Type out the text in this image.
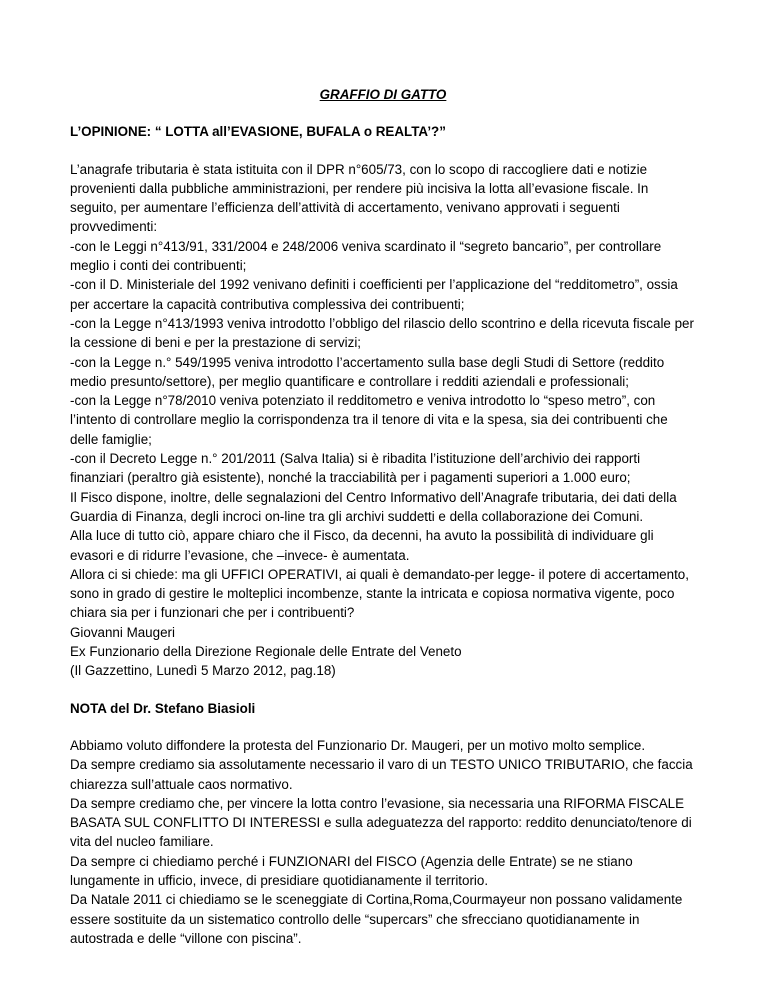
GRAFFIO DI GATTO
L’OPINIONE: “ LOTTA all’EVASIONE, BUFALA o REALTA’?”

L’anagrafe tributaria è stata istituita con il DPR n°605/73, con lo scopo di raccogliere dati e notizie provenienti dalla pubbliche amministrazioni, per rendere più incisiva la lotta all’evasione fiscale. In seguito, per aumentare l’efficienza dell’attività di accertamento, venivano approvati i seguenti provvedimenti:

-con le Leggi n°413/91, 331/2004 e 248/2006 veniva scardinato il “segreto bancario”, per controllare meglio i conti dei contribuenti;

-con il D. Ministeriale del 1992 venivano definiti i coefficienti per l’applicazione del “redditometro”, ossia per accertare la capacità contributiva complessiva dei contribuenti;

-con la Legge n°413/1993 veniva introdotto l’obbligo del rilascio dello scontrino e della ricevuta fiscale per la cessione di beni e per la prestazione di servizi;

-con la Legge n.° 549/1995 veniva introdotto l’accertamento sulla base degli Studi di Settore (reddito medio presunto/settore), per meglio quantificare e controllare i redditi aziendali e professionali;

-con la Legge n°78/2010 veniva potenziato il redditometro e veniva introdotto lo “speso metro”, con l’intento di controllare meglio la corrispondenza tra il tenore di vita e la spesa, sia dei contribuenti che delle famiglie;

-con il Decreto Legge n.° 201/2011 (Salva Italia) si è ribadita l’istituzione dell’archivio dei rapporti finanziari (peraltro già esistente), nonché la tracciabilità per i pagamenti superiori a 1.000 euro;

Il Fisco dispone, inoltre, delle segnalazioni del Centro Informativo dell’Anagrafe tributaria, dei dati della Guardia di Finanza, degli incroci on-line tra gli archivi suddetti e della collaborazione dei Comuni.

Alla luce di tutto ciò, appare chiaro che il Fisco, da decenni, ha avuto la possibilità di individuare gli evasori e di ridurre l’evasione, che –invece- è aumentata.

Allora ci si chiede: ma gli UFFICI OPERATIVI, ai quali è demandato-per legge- il potere di accertamento, sono in grado di gestire le molteplici incombenze, stante la intricata e copiosa normativa vigente, poco chiara sia per i funzionari che per i contribuenti?

Giovanni Maugeri

Ex Funzionario della Direzione Regionale delle Entrate del Veneto

(Il Gazzettino, Lunedì 5 Marzo 2012, pag.18)

NOTA del Dr. Stefano Biasioli

Abbiamo voluto diffondere la protesta del Funzionario Dr. Maugeri, per un motivo molto semplice.

Da sempre crediamo sia assolutamente necessario il varo di un TESTO UNICO TRIBUTARIO, che faccia chiarezza sull’attuale caos normativo.

Da sempre crediamo che, per vincere la lotta contro l’evasione, sia necessaria una RIFORMA FISCALE BASATA SUL CONFLITTO DI INTERESSI e sulla adeguatezza del rapporto: reddito denunciato/tenore di vita del nucleo familiare.

Da sempre ci chiediamo perché i FUNZIONARI del FISCO (Agenzia delle Entrate) se ne stiano lungamente in ufficio, invece, di presidiare quotidianamente il territorio.

Da Natale 2011 ci chiediamo se le sceneggiate di Cortina,Roma,Courmayeur non possano validamente essere sostituite da un sistematico controllo delle “supercars” che sfrecciano quotidianamente in autostrada e delle “villone con piscina”.
